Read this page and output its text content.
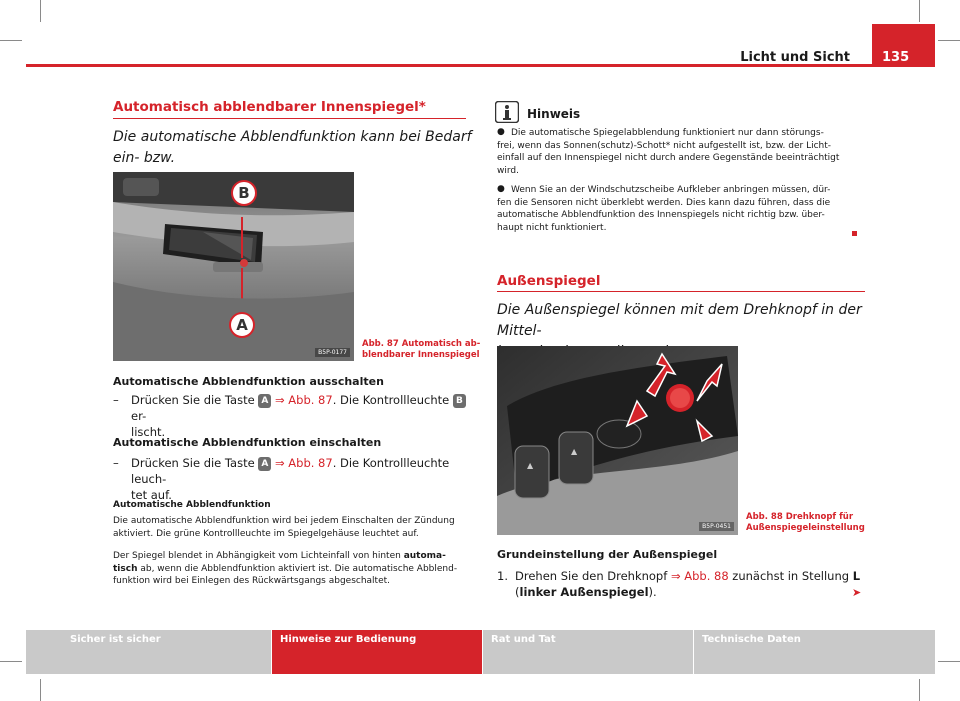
Licht und Sicht 135
Automatisch abblendbarer Innenspiegel*
Die automatische Abblendfunktion kann bei Bedarf ein- bzw.
B
A
B5P-0177
Abb. 87 Automatisch ab-
blendbarer Innenspiegel
Automatische Abblendfunktion ausschalten
– Drücken Sie die Taste A ⇒ Abb. 87. Die Kontrollleuchte B er-
lischt.
Automatische Abblendfunktion einschalten
– Drücken Sie die Taste A ⇒ Abb. 87. Die Kontrollleuchte leuch-
tet auf.
Automatische Abblendfunktion
Die automatische Abblendfunktion wird bei jedem Einschalten der Zündung
aktiviert. Die grüne Kontrollleuchte im Spiegelgehäuse leuchtet auf.
Der Spiegel blendet in Abhängigkeit vom Lichteinfall von hinten automa-
tisch ab, wenn die Abblendfunktion aktiviert ist. Die automatische Abblend-
funktion wird bei Einlegen des Rückwärtsgangs abgeschaltet.
Hinweis
● Die automatische Spiegelabblendung funktioniert nur dann störungs-
frei, wenn das Sonnen(schutz)-Schott* nicht aufgestellt ist, bzw. der Licht-
einfall auf den Innenspiegel nicht durch andere Gegenstände beeinträchtigt
wird.
● Wenn Sie an der Windschutzscheibe Aufkleber anbringen müssen, dür-
fen die Sensoren nicht überklebt werden. Dies kann dazu führen, dass die
automatische Abblendfunktion des Innenspiegels nicht richtig bzw. über-
haupt nicht funktioniert.
Außenspiegel
Die Außenspiegel können mit dem Drehknopf in der Mittel-
▲
▲
B5P-0451
Abb. 88 Drehknopf für
Außenspiegeleinstellung
Grundeinstellung der Außenspiegel
1. Drehen Sie den Drehknopf ⇒ Abb. 88 zunächst in Stellung L
(linker Außenspiegel).	➤
Sicher ist sicher	Hinweise zur Bedienung	Rat und Tat	Technische Daten
